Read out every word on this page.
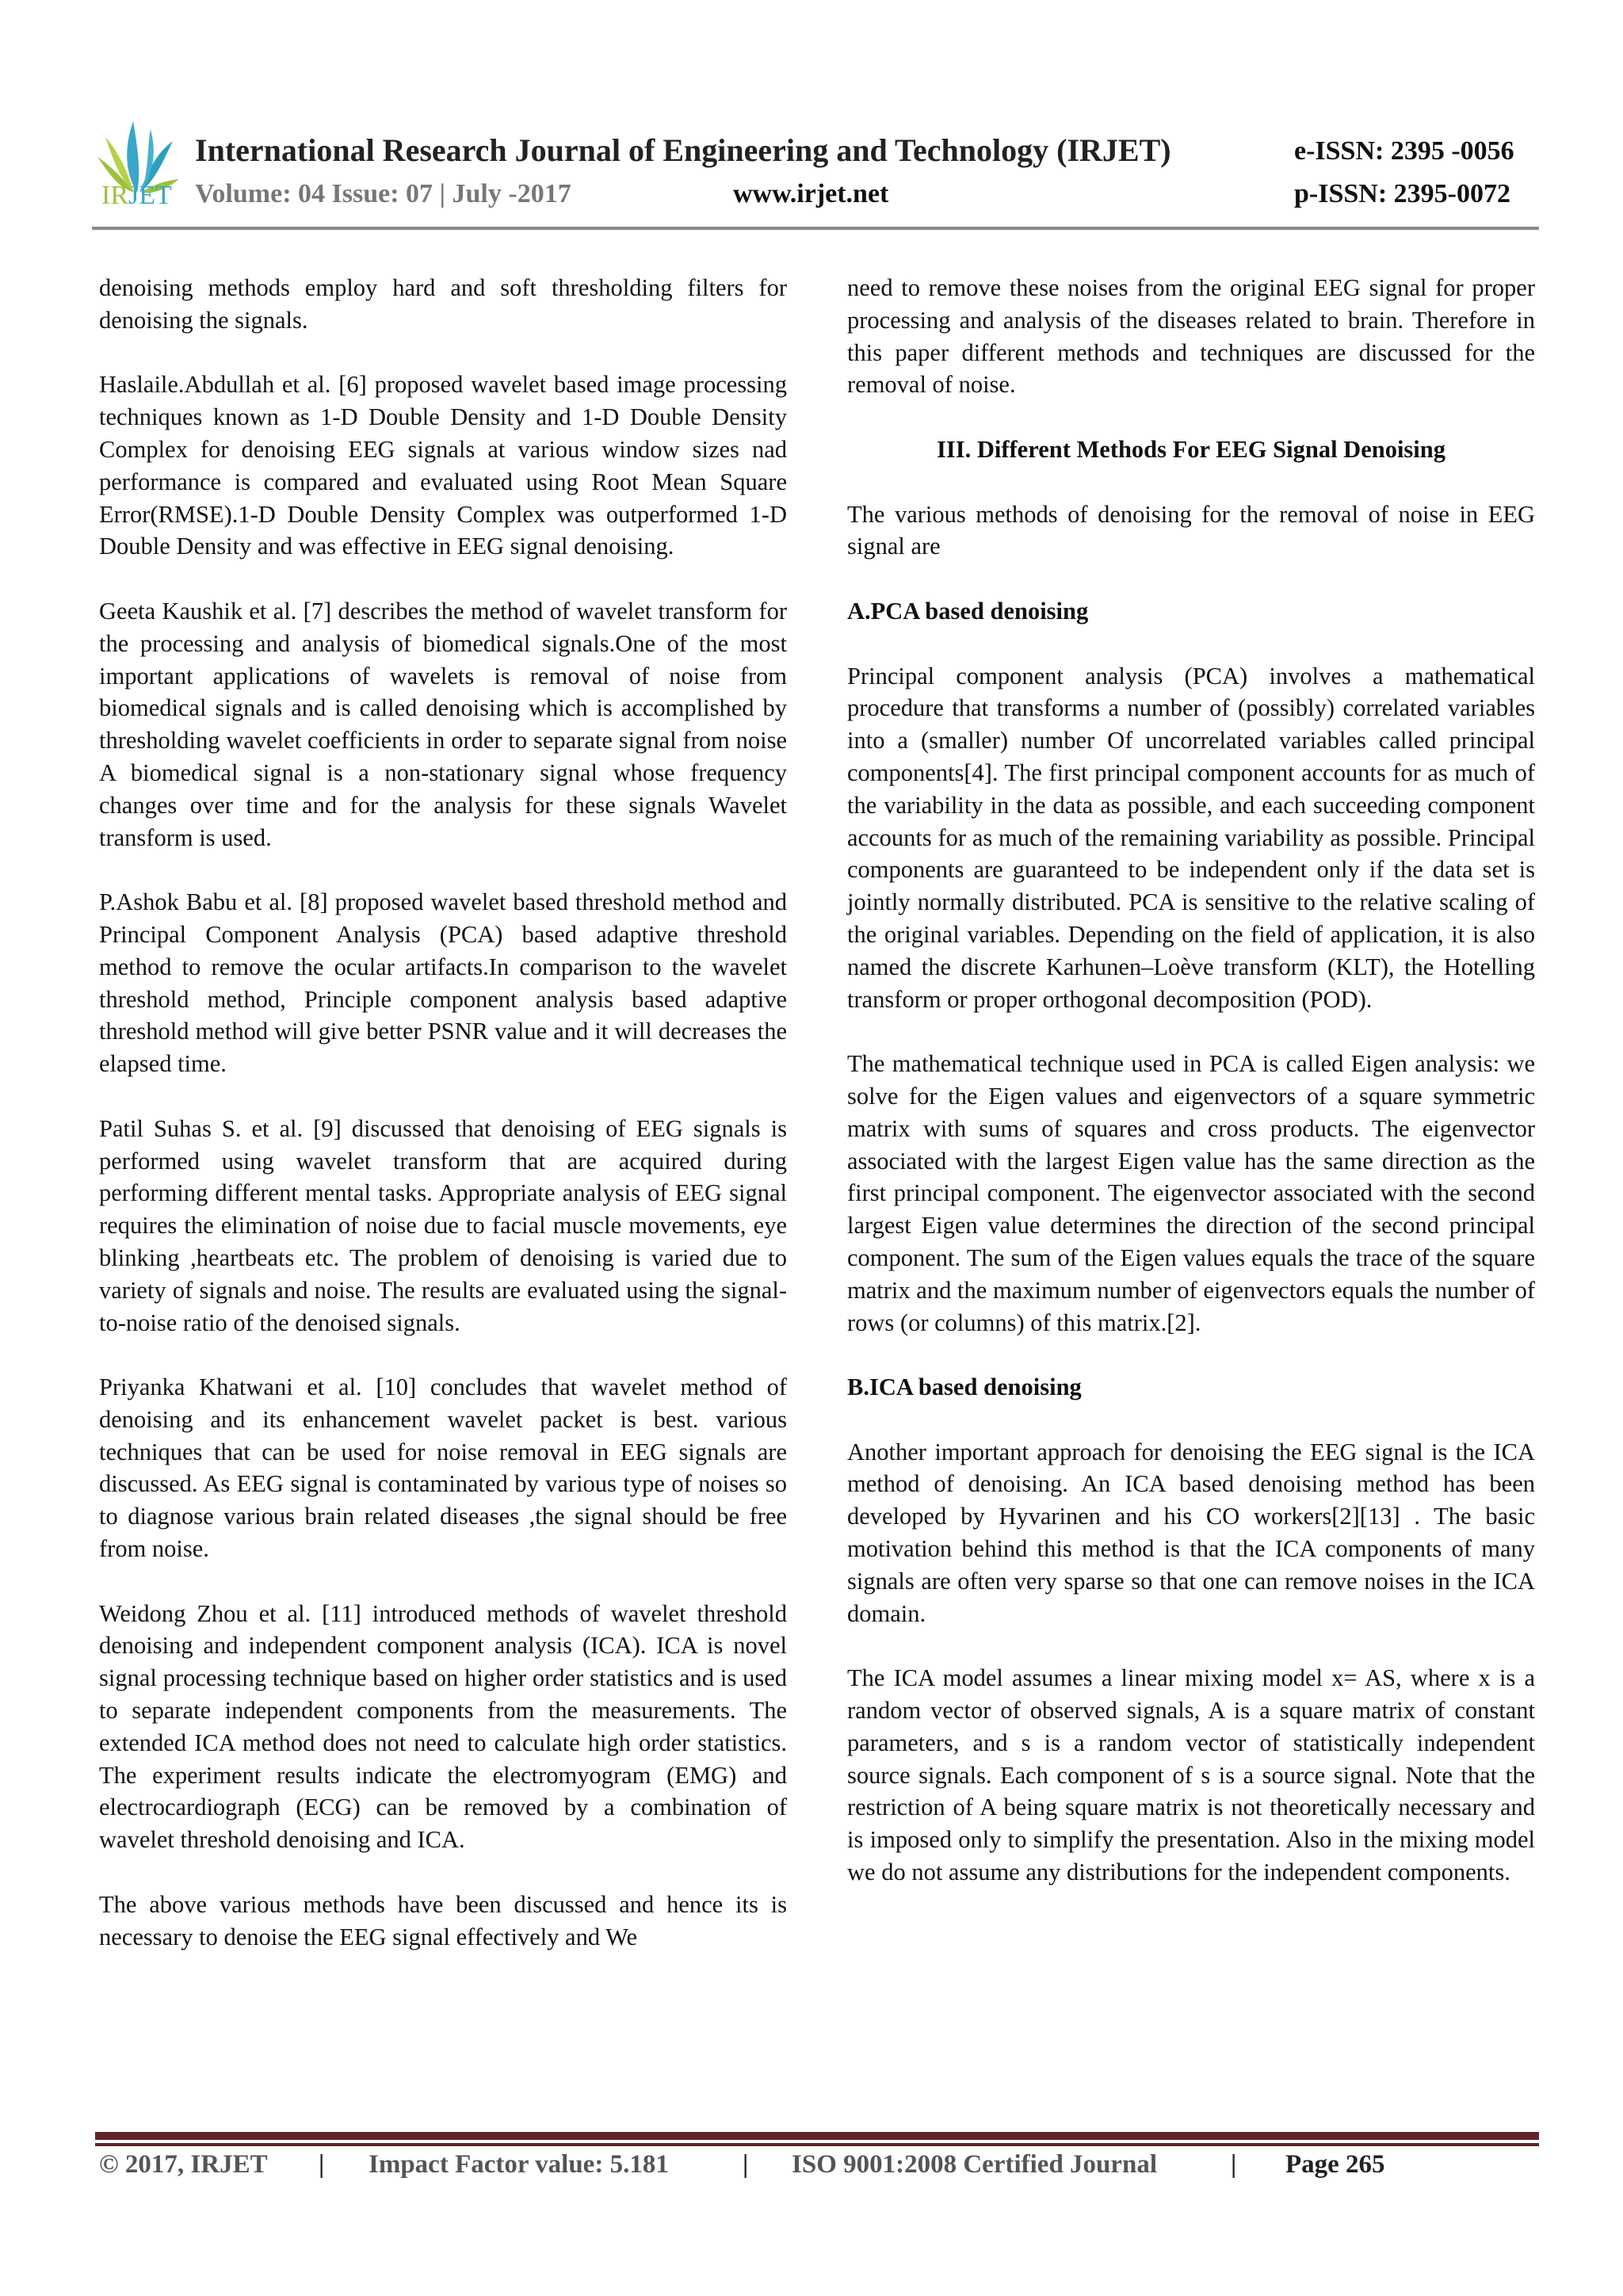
IRJET
International Research Journal of Engineering and Technology (IRJET)	e-ISSN: 2395 -0056
Volume: 04 Issue: 07 | July -2017	www.irjet.net	p-ISSN: 2395-0072

denoising methods employ hard and soft thresholding filters for denoising the signals.

Haslaile.Abdullah et al. [6] proposed wavelet based image processing techniques known as 1-D Double Density and 1-D Double Density Complex for denoising EEG signals at various window sizes nad performance is compared and evaluated using Root Mean Square Error(RMSE).1-D Double Density Complex was outperformed 1-D Double Density and was effective in EEG signal denoising.

Geeta Kaushik et al. [7] describes the method of wavelet transform for the processing and analysis of biomedical signals.One of the most important applications of wavelets is removal of noise from biomedical signals and is called denoising which is accomplished by thresholding wavelet coefficients in order to separate signal from noise A biomedical signal is a non-stationary signal whose frequency changes over time and for the analysis for these signals Wavelet transform is used.

P.Ashok Babu et al. [8] proposed wavelet based threshold method and Principal Component Analysis (PCA) based adaptive threshold method to remove the ocular artifacts.In comparison to the wavelet threshold method, Principle component analysis based adaptive threshold method will give better PSNR value and it will decreases the elapsed time.

Patil Suhas S. et al. [9] discussed that denoising of EEG signals is performed using wavelet transform that are acquired during performing different mental tasks. Appropriate analysis of EEG signal requires the elimination of noise due to facial muscle movements, eye blinking ,heartbeats etc. The problem of denoising is varied due to variety of signals and noise. The results are evaluated using the signal-to-noise ratio of the denoised signals.

Priyanka Khatwani et al. [10] concludes that wavelet method of denoising and its enhancement wavelet packet is best. various techniques that can be used for noise removal in EEG signals are discussed. As EEG signal is contaminated by various type of noises so to diagnose various brain related diseases ,the signal should be free from noise.

Weidong Zhou et al. [11] introduced methods of wavelet threshold denoising and independent component analysis (ICA). ICA is novel signal processing technique based on higher order statistics and is used to separate independent components from the measurements. The extended ICA method does not need to calculate high order statistics. The experiment results indicate the electromyogram (EMG) and electrocardiograph (ECG) can be removed by a combination of wavelet threshold denoising and ICA.

The above various methods have been discussed and hence its is necessary to denoise the EEG signal effectively and We

need to remove these noises from the original EEG signal for proper processing and analysis of the diseases related to brain. Therefore in this paper different methods and techniques are discussed for the removal of noise.

III. Different Methods For EEG Signal Denoising

The various methods of denoising for the removal of noise in EEG signal are

A.PCA based denoising

Principal component analysis (PCA) involves a mathematical procedure that transforms a number of (possibly) correlated variables into a (smaller) number Of uncorrelated variables called principal components[4]. The first principal component accounts for as much of the variability in the data as possible, and each succeeding component accounts for as much of the remaining variability as possible. Principal components are guaranteed to be independent only if the data set is jointly normally distributed. PCA is sensitive to the relative scaling of the original variables. Depending on the field of application, it is also named the discrete Karhunen–Loève transform (KLT), the Hotelling transform or proper orthogonal decomposition (POD).

The mathematical technique used in PCA is called Eigen analysis: we solve for the Eigen values and eigenvectors of a square symmetric matrix with sums of squares and cross products. The eigenvector associated with the largest Eigen value has the same direction as the first principal component. The eigenvector associated with the second largest Eigen value determines the direction of the second principal component. The sum of the Eigen values equals the trace of the square matrix and the maximum number of eigenvectors equals the number of rows (or columns) of this matrix.[2].

B.ICA based denoising

Another important approach for denoising the EEG signal is the ICA method of denoising. An ICA based denoising method has been developed by Hyvarinen and his CO workers[2][13] . The basic motivation behind this method is that the ICA components of many signals are often very sparse so that one can remove noises in the ICA domain.

The ICA model assumes a linear mixing model x= AS, where x is a random vector of observed signals, A is a square matrix of constant parameters, and s is a random vector of statistically independent source signals. Each component of s is a source signal. Note that the restriction of A being square matrix is not theoretically necessary and is imposed only to simplify the presentation. Also in the mixing model we do not assume any distributions for the independent components.

© 2017, IRJET | Impact Factor value: 5.181	| ISO 9001:2008 Certified Journal	| Page 265
